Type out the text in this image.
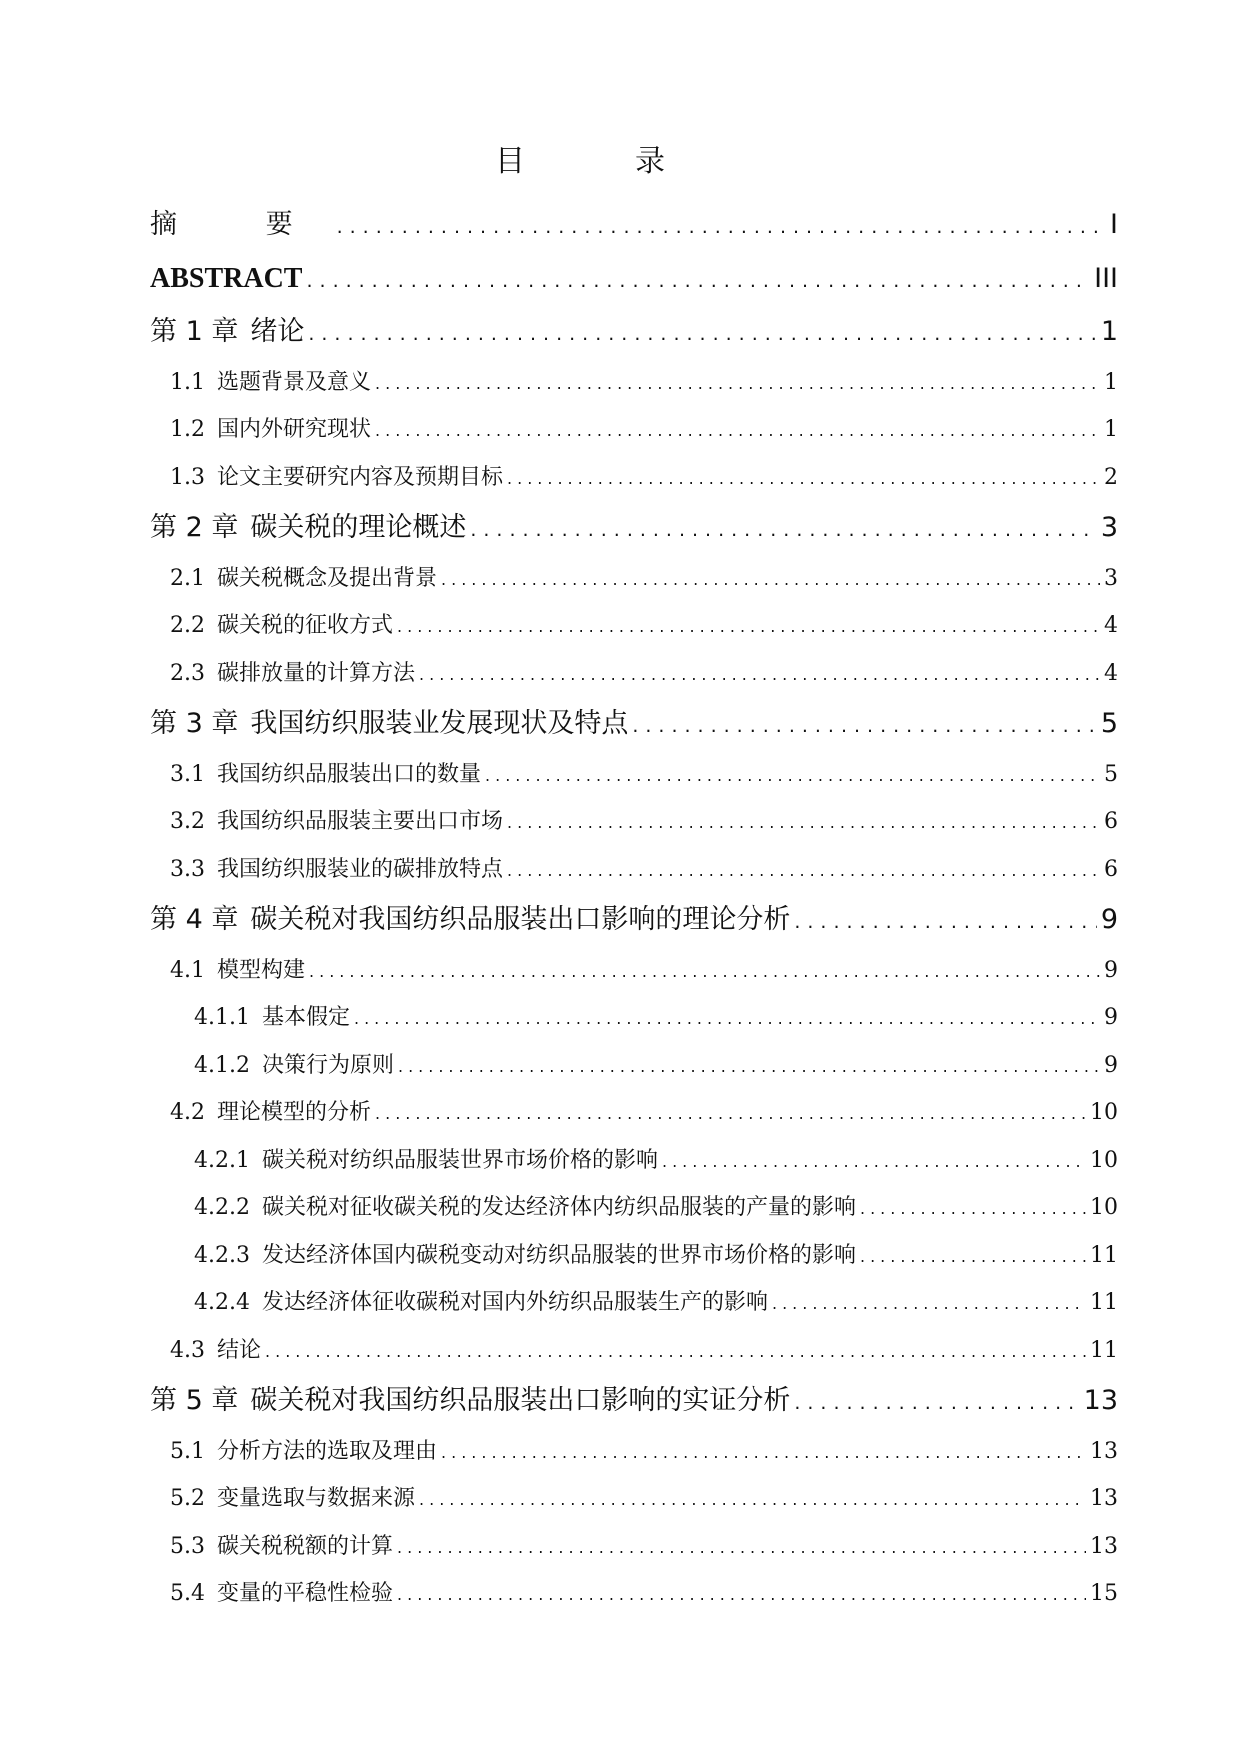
目　录
摘 要 .....	I
ABSTRACT .....	III
第 1 章 绪论 .....	1
1.1 选题背景及意义 .....	1
1.2 国内外研究现状 .....	1
1.3 论文主要研究内容及预期目标 .....	2
第 2 章 碳关税的理论概述 .....	3
2.1 碳关税概念及提出背景 .....	3
2.2 碳关税的征收方式 .....	4
2.3 碳排放量的计算方法 .....	4
第 3 章 我国纺织服装业发展现状及特点 .....	5
3.1 我国纺织品服装出口的数量 .....	5
3.2 我国纺织品服装主要出口市场 .....	6
3.3 我国纺织服装业的碳排放特点 .....	6
第 4 章 碳关税对我国纺织品服装出口影响的理论分析 .....	9
4.1 模型构建 .....	9
4.1.1 基本假定 .....	9
4.1.2 决策行为原则 .....	9
4.2 理论模型的分析 .....	10
4.2.1 碳关税对纺织品服装世界市场价格的影响 .....	10
4.2.2 碳关税对征收碳关税的发达经济体内纺织品服装的产量的影响 .....	10
4.2.3 发达经济体国内碳税变动对纺织品服装的世界市场价格的影响 .....	11
4.2.4 发达经济体征收碳税对国内外纺织品服装生产的影响 .....	11
4.3 结论 .....	11
第 5 章 碳关税对我国纺织品服装出口影响的实证分析 .....	13
5.1 分析方法的选取及理由 .....	13
5.2 变量选取与数据来源 .....	13
5.3 碳关税税额的计算 .....	13
5.4 变量的平稳性检验 .....	15
